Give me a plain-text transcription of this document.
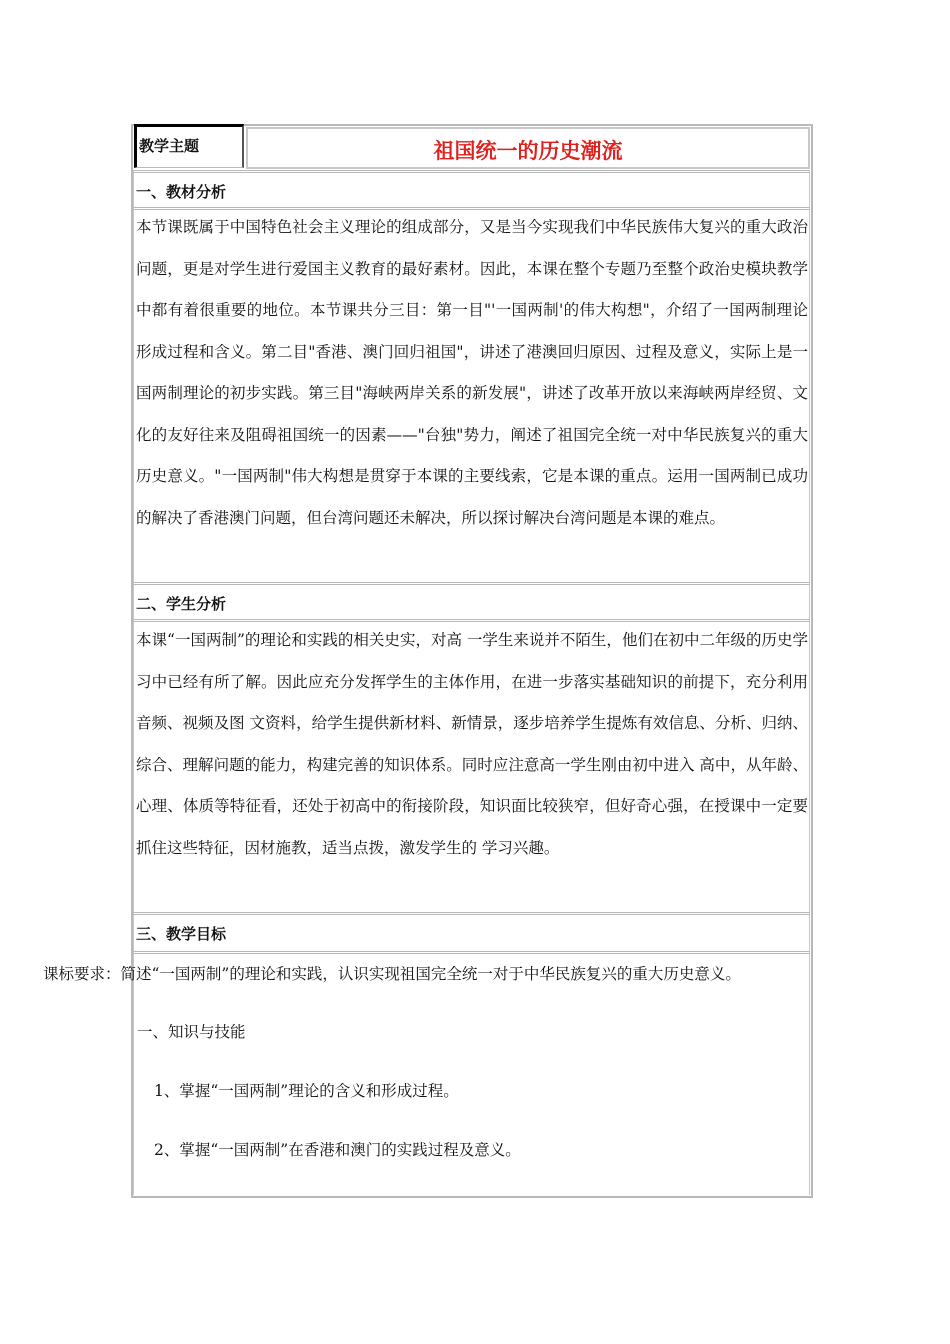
教学主题	祖国统一的历史潮流
一、教材分析

本节课既属于中国特色社会主义理论的组成部分，又是当今实现我们中华民族伟大复兴的重大政治问题，更是对学生进行爱国主义教育的最好素材。因此，本课在整个专题乃至整个政治史模块教学中都有着很重要的地位。本节课共分三目：第一目"'一国两制'的伟大构想"，介绍了一国两制理论形成过程和含义。第二目"香港、澳门回归祖国"，讲述了港澳回归原因、过程及意义，实际上是一国两制理论的初步实践。第三目"海峡两岸关系的新发展"，讲述了改革开放以来海峡两岸经贸、文化的友好往来及阻碍祖国统一的因素——"台独"势力，阐述了祖国完全统一对中华民族复兴的重大历史意义。"一国两制"伟大构想是贯穿于本课的主要线索，它是本课的重点。运用一国两制已成功的解决了香港澳门问题，但台湾问题还未解决，所以探讨解决台湾问题是本课的难点。

二、学生分析

本课“一国两制”的理论和实践的相关史实，对高 一学生来说并不陌生，他们在初中二年级的历史学习中已经有所了解。因此应充分发挥学生的主体作用，在进一步落实基础知识的前提下，充分利用音频、视频及图 文资料，给学生提供新材料、新情景，逐步培养学生提炼有效信息、分析、归纳、综合、理解问题的能力，构建完善的知识体系。同时应注意高一学生刚由初中进入 高中，从年龄、心理、体质等特征看，还处于初高中的衔接阶段，知识面比较狭窄，但好奇心强，在授课中一定要抓住这些特征，因材施教，适当点拨，激发学生的 学习兴趣。

三、教学目标
课标要求：简述“一国两制”的理论和实践，认识实现祖国完全统一对于中华民族复兴的重大历史意义。
一、知识与技能
1、掌握“一国两制”理论的含义和形成过程。
2、掌握“一国两制”在香港和澳门的实践过程及意义。
